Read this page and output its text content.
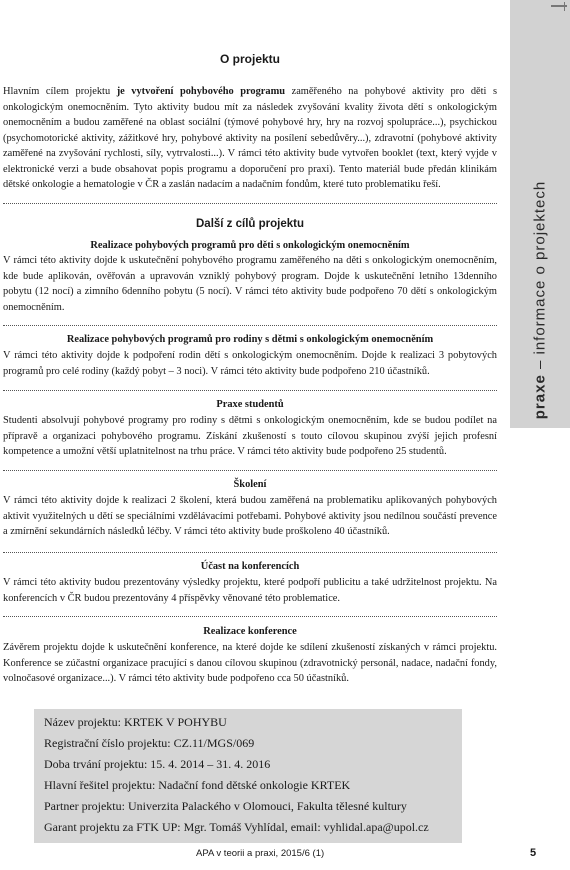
praxe – informace o projektech
O projektu

Hlavním cílem projektu je vytvoření pohybového programu zaměřeného na pohybové aktivity pro děti s onkologickým onemocněním. Tyto aktivity budou mít za následek zvyšování kvality života dětí s onkologickým onemocněním a budou zaměřené na oblast sociální (týmové pohybové hry, hry na rozvoj spolupráce...), psychickou (psychomotorické aktivity, zážitkové hry, pohybové aktivity na posílení sebedůvěry...), zdravotní (pohybové aktivity zaměřené na zvyšování rychlosti, síly, vytrvalosti...). V rámci této aktivity bude vytvořen booklet (text, který vyjde v elektronické verzi a bude obsahovat popis programu a doporučení pro praxi). Tento materiál bude předán klinikám dětské onkologie a hematologie v ČR a zaslán nadacím a nadačním fondům, které tuto problematiku řeší.

Další z cílů projektu
Realizace pohybových programů pro děti s onkologickým onemocněním

V rámci této aktivity dojde k uskutečnění pohybového programu zaměřeného na děti s onkologickým onemocněním, kde bude aplikován, ověřován a upravován vzniklý pohybový program. Dojde k uskutečnění letního 13denního pobytu (12 nocí) a zimního 6denního pobytu (5 nocí). V rámci této aktivity bude podpořeno 70 dětí s onkologickým onemocněním.

Realizace pohybových programů pro rodiny s dětmi s onkologickým onemocněním

V rámci této aktivity dojde k podpoření rodin dětí s onkologickým onemocněním. Dojde k realizaci 3 pobytových programů pro celé rodiny (každý pobyt – 3 noci). V rámci této aktivity bude podpořeno 210 účastníků.

Praxe studentů

Studenti absolvují pohybové programy pro rodiny s dětmi s onkologickým onemocněním, kde se budou podílet na přípravě a organizaci pohybového programu. Získání zkušeností s touto cílovou skupinou zvýší jejich profesní kompetence a umožní větší uplatnitelnost na trhu práce. V rámci této aktivity bude podpořeno 25 studentů.

Školení

V rámci této aktivity dojde k realizaci 2 školení, která budou zaměřená na problematiku aplikovaných pohybových aktivit využitelných u dětí se speciálními vzdělávacími potřebami. Pohybové aktivity jsou nedílnou součástí prevence a zmírnění sekundárních následků léčby. V rámci této aktivity bude proškoleno 40 účastníků.

Účast na konferencích

V rámci této aktivity budou prezentovány výsledky projektu, které podpoří publicitu a také udržitelnost projektu. Na konferencích v ČR budou prezentovány 4 příspěvky věnované této problematice.

Realizace konference

Závěrem projektu dojde k uskutečnění konference, na které dojde ke sdílení zkušeností získaných v rámci projektu. Konference se zúčastní organizace pracující s danou cílovou skupinou (zdravotnický personál, nadace, nadační fondy, volnočasové organizace...). V rámci této aktivity bude podpořeno cca 50 účastníků.

Název projektu: KRTEK V POHYBU
Registrační číslo projektu: CZ.11/MGS/069
Doba trvání projektu: 15. 4. 2014 – 31. 4. 2016
Hlavní řešitel projektu: Nadační fond dětské onkologie KRTEK
Partner projektu: Univerzita Palackého v Olomouci, Fakulta tělesné kultury
Garant projektu za FTK UP: Mgr. Tomáš Vyhlídal, email: vyhlidal.apa@upol.cz
APA v teorii a praxi, 2015/6 (1)	5
